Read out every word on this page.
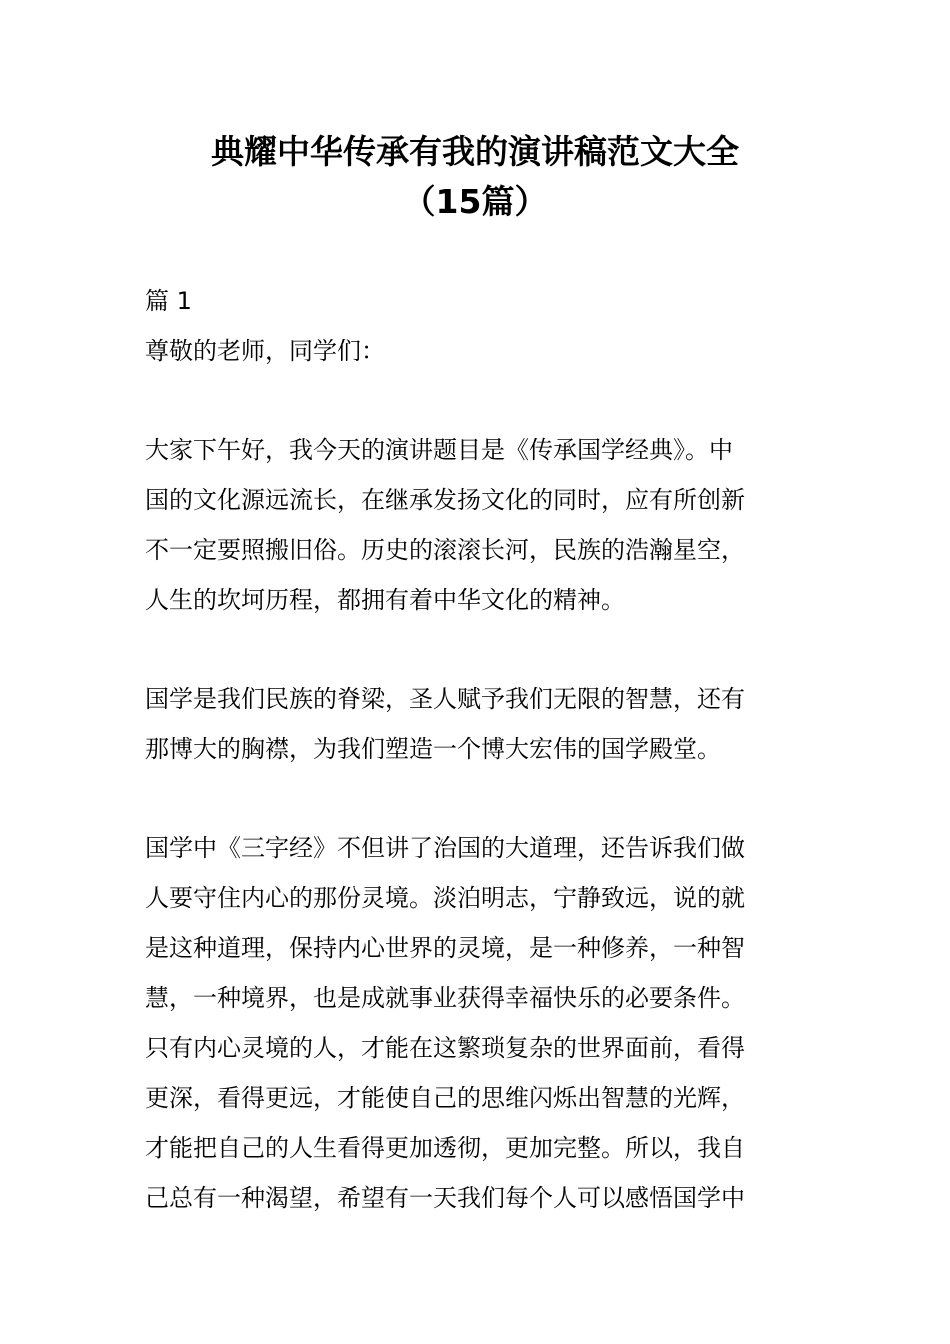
典耀中华传承有我的演讲稿范文大全
（15篇）
篇 1
尊敬的老师，同学们：
大家下午好，我今天的演讲题目是《传承国学经典》。中
国的文化源远流长，在继承发扬文化的同时，应有所创新
不一定要照搬旧俗。历史的滚滚长河，民族的浩瀚星空，
人生的坎坷历程，都拥有着中华文化的精神。
国学是我们民族的脊梁，圣人赋予我们无限的智慧，还有
那博大的胸襟，为我们塑造一个博大宏伟的国学殿堂。
国学中《三字经》不但讲了治国的大道理，还告诉我们做
人要守住内心的那份灵境。淡泊明志，宁静致远，说的就
是这种道理，保持内心世界的灵境，是一种修养，一种智
慧，一种境界，也是成就事业获得幸福快乐的必要条件。
只有内心灵境的人，才能在这繁琐复杂的世界面前，看得
更深，看得更远，才能使自己的思维闪烁出智慧的光辉，
才能把自己的人生看得更加透彻，更加完整。所以，我自
己总有一种渴望，希望有一天我们每个人可以感悟国学中
